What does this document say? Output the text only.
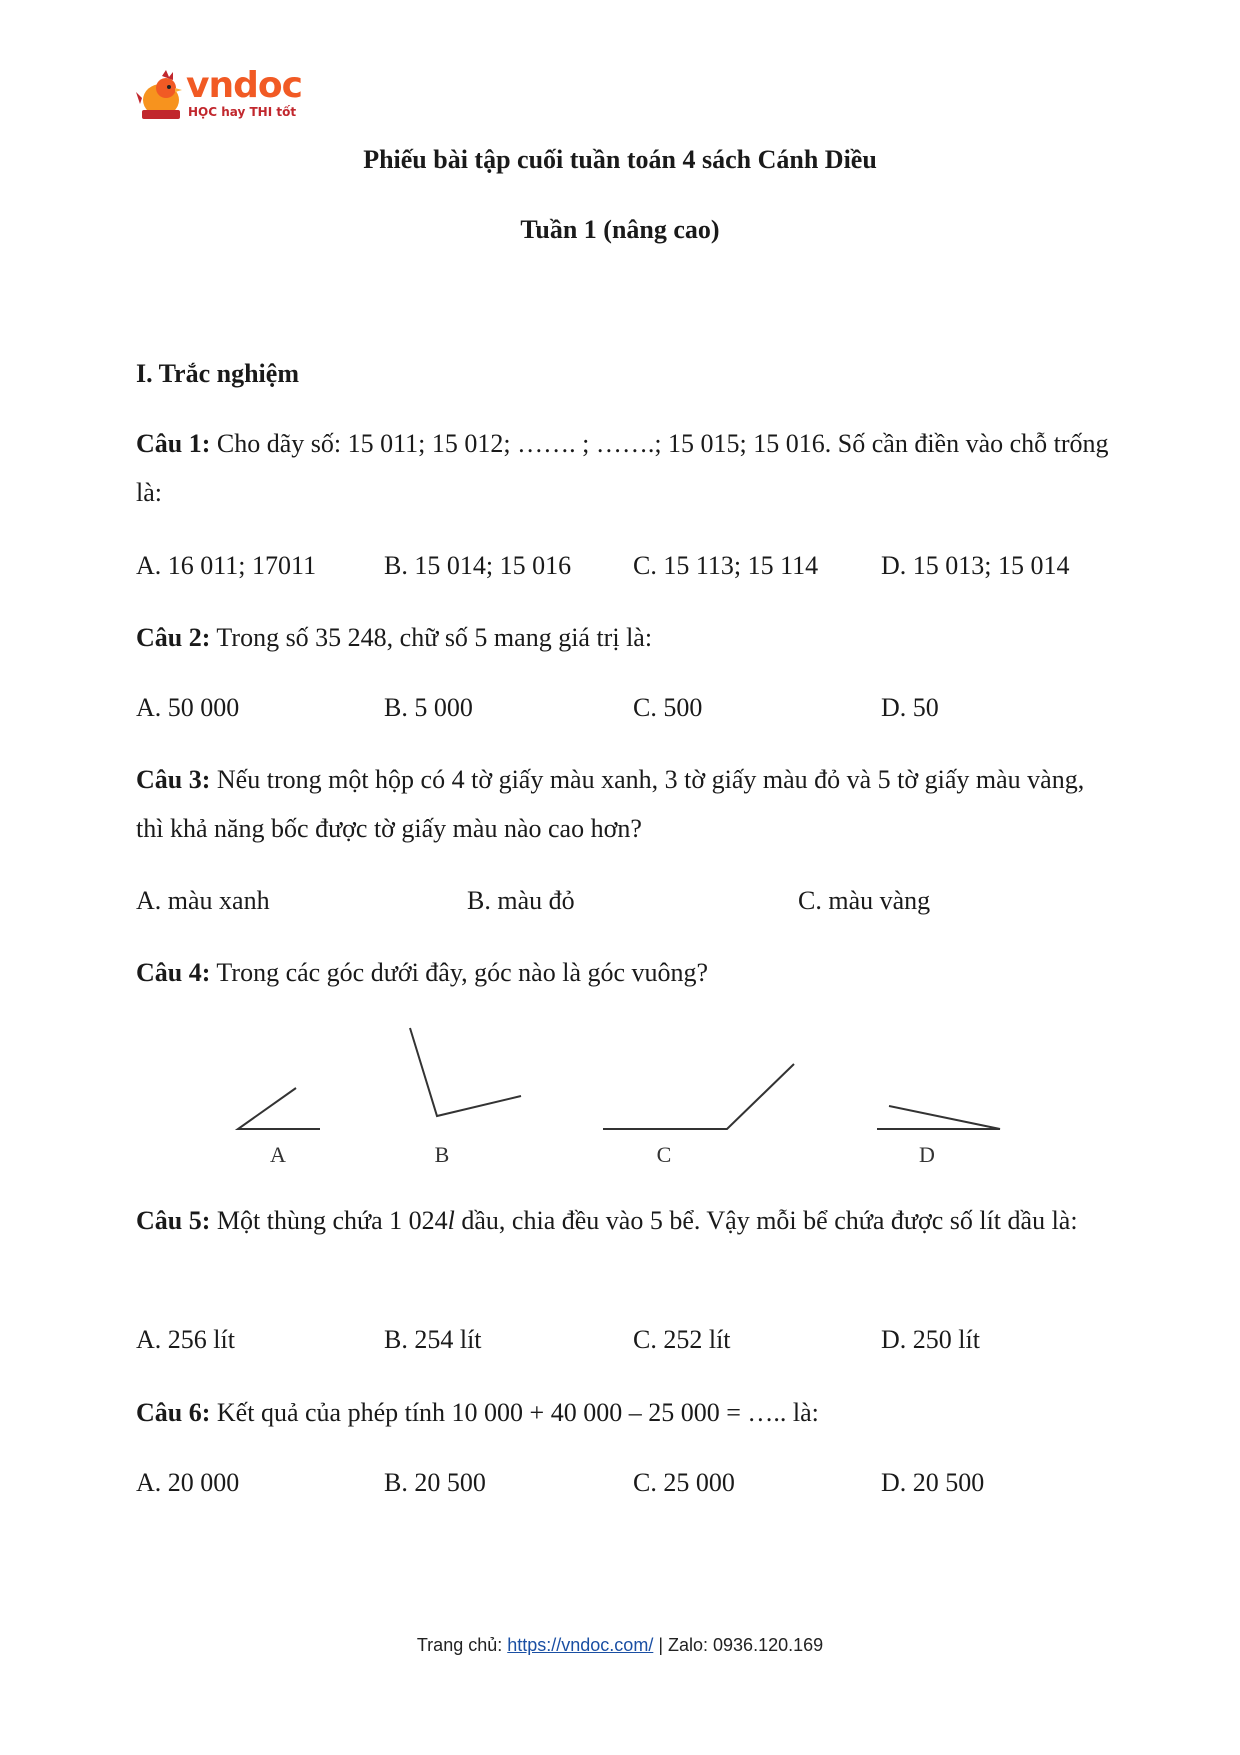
vndoc
HỌC hay THI tốt
Phiếu bài tập cuối tuần toán 4 sách Cánh Diều
Tuần 1 (nâng cao)
I. Trắc nghiệm
Câu 1: Cho dãy số: 15 011; 15 012; ……. ; …….; 15 015; 15 016. Số cần điền vào chỗ trống là:
A. 16 011; 17011	B. 15 014; 15 016 C. 15 113; 15 114 D. 15 013; 15 014
Câu 2: Trong số 35 248, chữ số 5 mang giá trị là:
A. 50 000	B. 5 000	C. 500	D. 50
Câu 3: Nếu trong một hộp có 4 tờ giấy màu xanh, 3 tờ giấy màu đỏ và 5 tờ giấy màu vàng, thì khả năng bốc được tờ giấy màu nào cao hơn?
A. màu xanh	B. màu đỏ	C. màu vàng
Câu 4: Trong các góc dưới đây, góc nào là góc vuông?
A	B	C	D
Câu 5: Một thùng chứa 1 024l dầu, chia đều vào 5 bể. Vậy mỗi bể chứa được số lít dầu là:
A. 256 lít	B. 254 lít	C. 252 lít	D. 250 lít
Câu 6: Kết quả của phép tính 10 000 + 40 000 – 25 000 = ….. là:
A. 20 000	B. 20 500	C. 25 000	D. 20 500
Trang chủ: https://vndoc.com/ | Zalo: 0936.120.169
